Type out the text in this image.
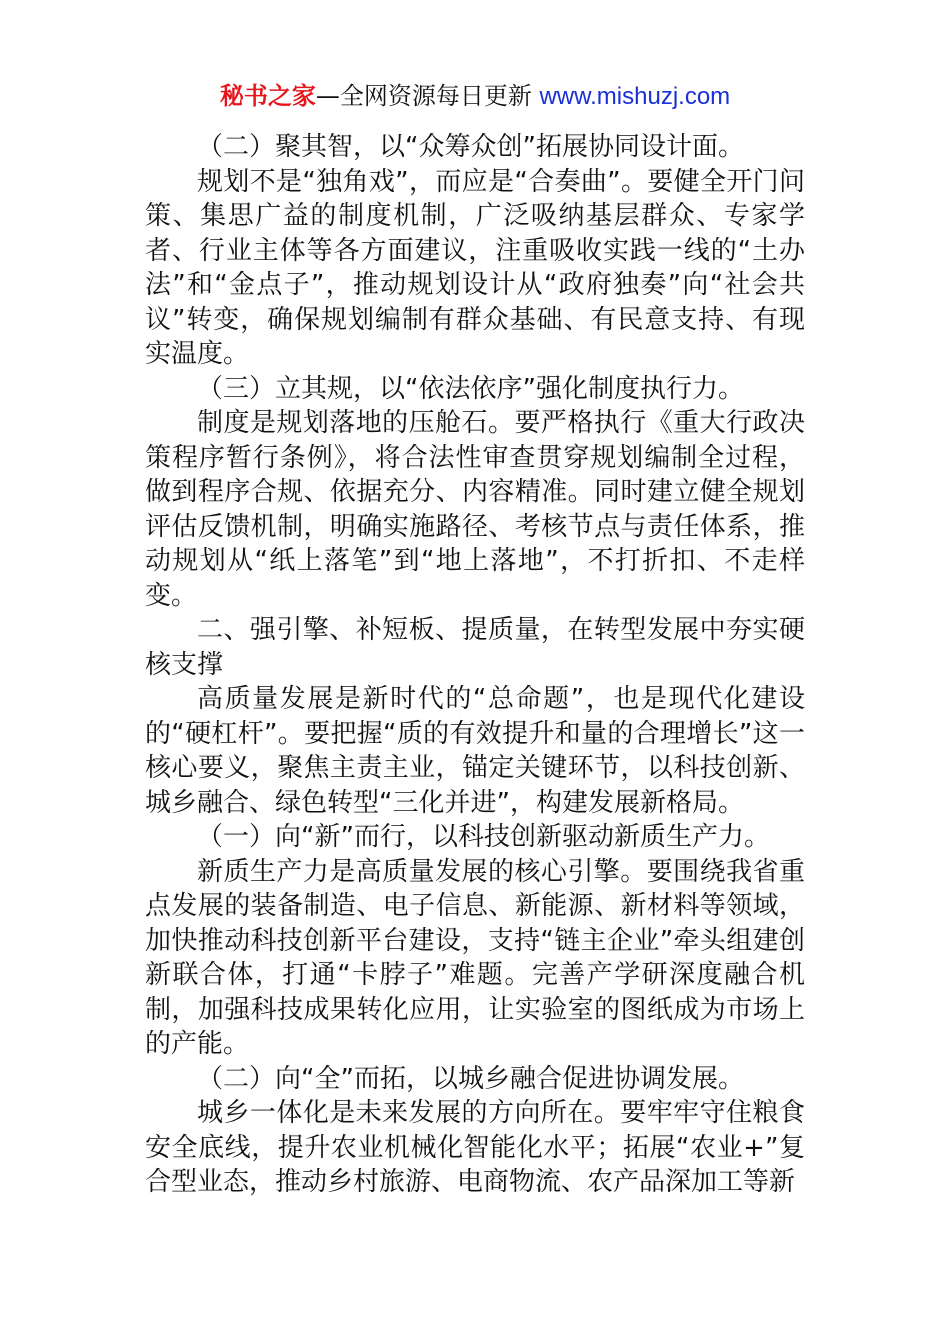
秘书之家—全网资源每日更新 www.mishuzj.com

（二）聚其智，以“众筹众创”拓展协同设计面。

规划不是“独角戏”，而应是“合奏曲”。要健全开门问策、集思广益的制度机制，广泛吸纳基层群众、专家学者、行业主体等各方面建议，注重吸收实践一线的“土办法”和“金点子”，推动规划设计从“政府独奏”向“社会共议”转变，确保规划编制有群众基础、有民意支持、有现实温度。

（三）立其规，以“依法依序”强化制度执行力。

制度是规划落地的压舱石。要严格执行《重大行政决策程序暂行条例》，将合法性审查贯穿规划编制全过程，做到程序合规、依据充分、内容精准。同时建立健全规划评估反馈机制，明确实施路径、考核节点与责任体系，推动规划从“纸上落笔”到“地上落地”，不打折扣、不走样变。

二、强引擎、补短板、提质量，在转型发展中夯实硬核支撑

高质量发展是新时代的“总命题”，也是现代化建设的“硬杠杆”。要把握“质的有效提升和量的合理增长”这一核心要义，聚焦主责主业，锚定关键环节，以科技创新、城乡融合、绿色转型“三化并进”，构建发展新格局。

（一）向“新”而行，以科技创新驱动新质生产力。

新质生产力是高质量发展的核心引擎。要围绕我省重点发展的装备制造、电子信息、新能源、新材料等领域，加快推动科技创新平台建设，支持“链主企业”牵头组建创新联合体，打通“卡脖子”难题。完善产学研深度融合机制，加强科技成果转化应用，让实验室的图纸成为市场上的产能。

（二）向“全”而拓，以城乡融合促进协调发展。

城乡一体化是未来发展的方向所在。要牢牢守住粮食安全底线，提升农业机械化智能化水平；拓展“农业+”复合型业态，推动乡村旅游、电商物流、农产品深加工等新
